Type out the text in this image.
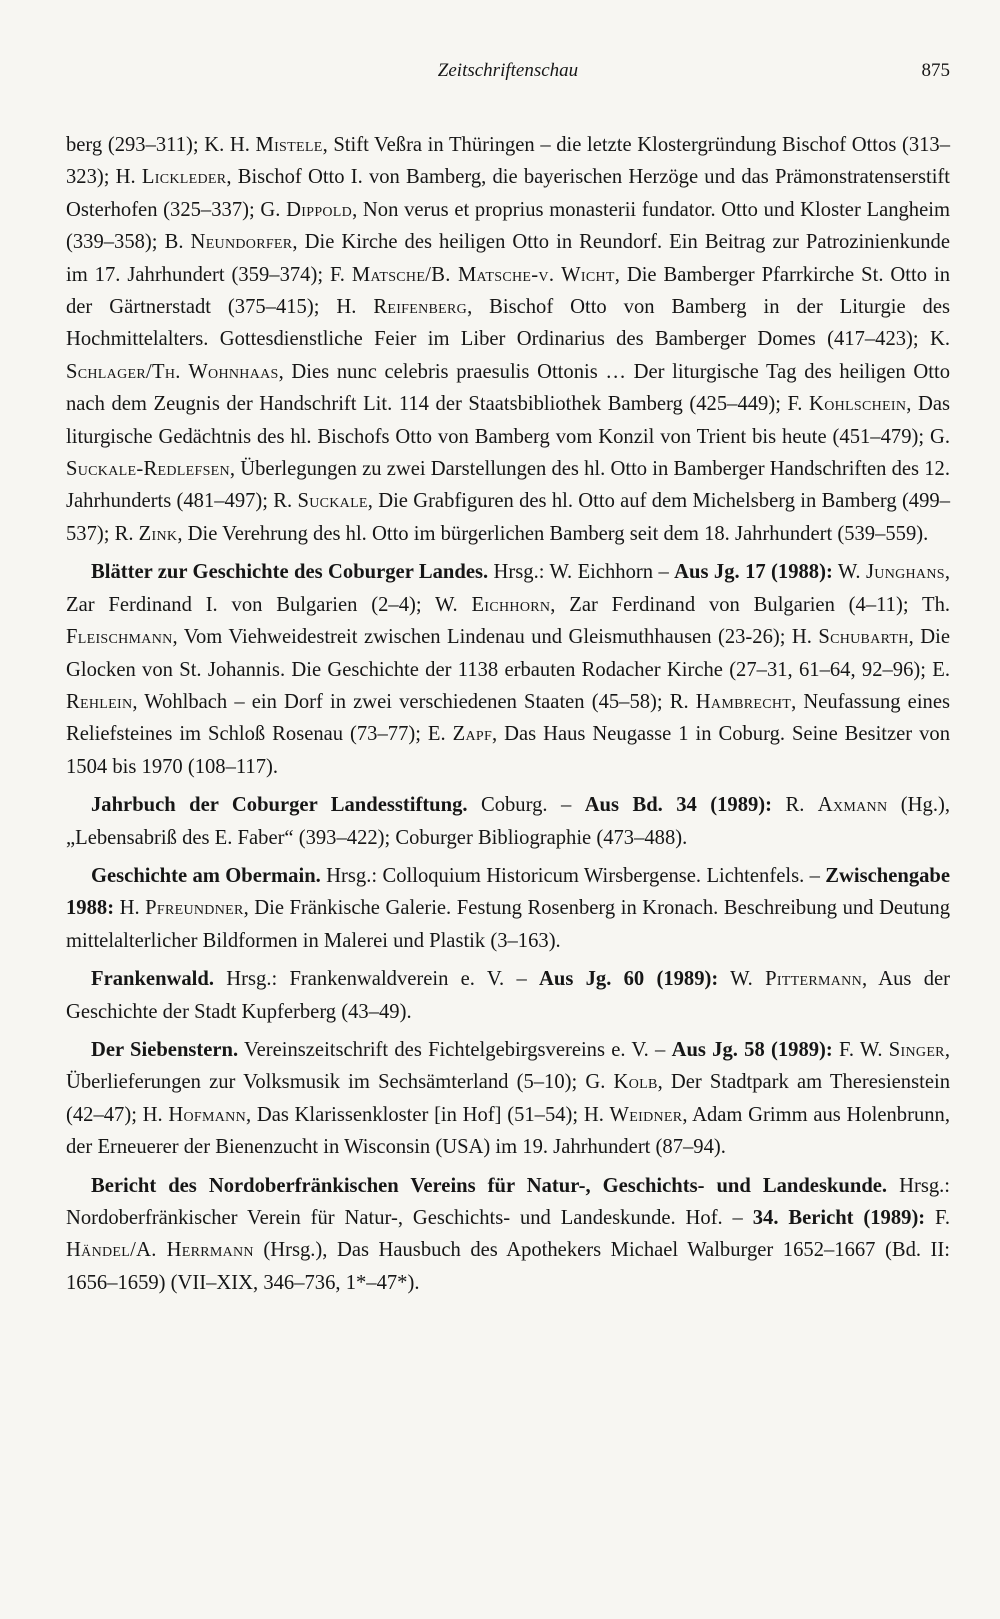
Zeitschriftenschau	875

berg (293–311); K. H. Mistele, Stift Veßra in Thüringen – die letzte Klostergründung Bischof Ottos (313–323); H. Lickleder, Bischof Otto I. von Bamberg, die bayerischen Herzöge und das Prämonstratenserstift Osterhofen (325–337); G. Dippold, Non verus et proprius monasterii fundator. Otto und Kloster Langheim (339–358); B. Neundorfer, Die Kirche des heiligen Otto in Reundorf. Ein Beitrag zur Patrozinienkunde im 17. Jahrhundert (359–374); F. Matsche/B. Matsche-v. Wicht, Die Bamberger Pfarrkirche St. Otto in der Gärtnerstadt (375–415); H. Reifenberg, Bischof Otto von Bamberg in der Liturgie des Hochmittelalters. Gottesdienstliche Feier im Liber Ordinarius des Bamberger Domes (417–423); K. Schlager/Th. Wohnhaas, Dies nunc celebris praesulis Ottonis … Der liturgische Tag des heiligen Otto nach dem Zeugnis der Handschrift Lit. 114 der Staatsbibliothek Bamberg (425–449); F. Kohlschein, Das liturgische Gedächtnis des hl. Bischofs Otto von Bamberg vom Konzil von Trient bis heute (451–479); G. Suckale-Redlefsen, Überlegungen zu zwei Darstellungen des hl. Otto in Bamberger Handschriften des 12. Jahrhunderts (481–497); R. Suckale, Die Grabfiguren des hl. Otto auf dem Michelsberg in Bamberg (499–537); R. Zink, Die Verehrung des hl. Otto im bürgerlichen Bamberg seit dem 18. Jahrhundert (539–559).

Blätter zur Geschichte des Coburger Landes. Hrsg.: W. Eichhorn – Aus Jg. 17 (1988): W. Junghans, Zar Ferdinand I. von Bulgarien (2–4); W. Eichhorn, Zar Ferdinand von Bulgarien (4–11); Th. Fleischmann, Vom Viehweidestreit zwischen Lindenau und Gleismuthhausen (23-26); H. Schubarth, Die Glocken von St. Johannis. Die Geschichte der 1138 erbauten Rodacher Kirche (27–31, 61–64, 92–96); E. Rehlein, Wohlbach – ein Dorf in zwei verschiedenen Staaten (45–58); R. Hambrecht, Neufassung eines Reliefsteines im Schloß Rosenau (73–77); E. Zapf, Das Haus Neugasse 1 in Coburg. Seine Besitzer von 1504 bis 1970 (108–117).

Jahrbuch der Coburger Landesstiftung. Coburg. – Aus Bd. 34 (1989): R. Axmann (Hg.), „Lebensabriß des E. Faber“ (393–422); Coburger Bibliographie (473–488).

Geschichte am Obermain. Hrsg.: Colloquium Historicum Wirsbergense. Lichtenfels. – Zwischengabe 1988: H. Pfreundner, Die Fränkische Galerie. Festung Rosenberg in Kronach. Beschreibung und Deutung mittelalterlicher Bildformen in Malerei und Plastik (3–163).

Frankenwald. Hrsg.: Frankenwaldverein e. V. – Aus Jg. 60 (1989): W. Pittermann, Aus der Geschichte der Stadt Kupferberg (43–49).

Der Siebenstern. Vereinszeitschrift des Fichtelgebirgsvereins e. V. – Aus Jg. 58 (1989): F. W. Singer, Überlieferungen zur Volksmusik im Sechsämterland (5–10); G. Kolb, Der Stadtpark am Theresienstein (42–47); H. Hofmann, Das Klarissenkloster [in Hof] (51–54); H. Weidner, Adam Grimm aus Holenbrunn, der Erneuerer der Bienenzucht in Wisconsin (USA) im 19. Jahrhundert (87–94).

Bericht des Nordoberfränkischen Vereins für Natur-, Geschichts- und Landeskunde. Hrsg.: Nordoberfränkischer Verein für Natur-, Geschichts- und Landeskunde. Hof. – 34. Bericht (1989): F. Händel/A. Herrmann (Hrsg.), Das Hausbuch des Apothekers Michael Walburger 1652–1667 (Bd. II: 1656–1659) (VII–XIX, 346–736, 1*–47*).
